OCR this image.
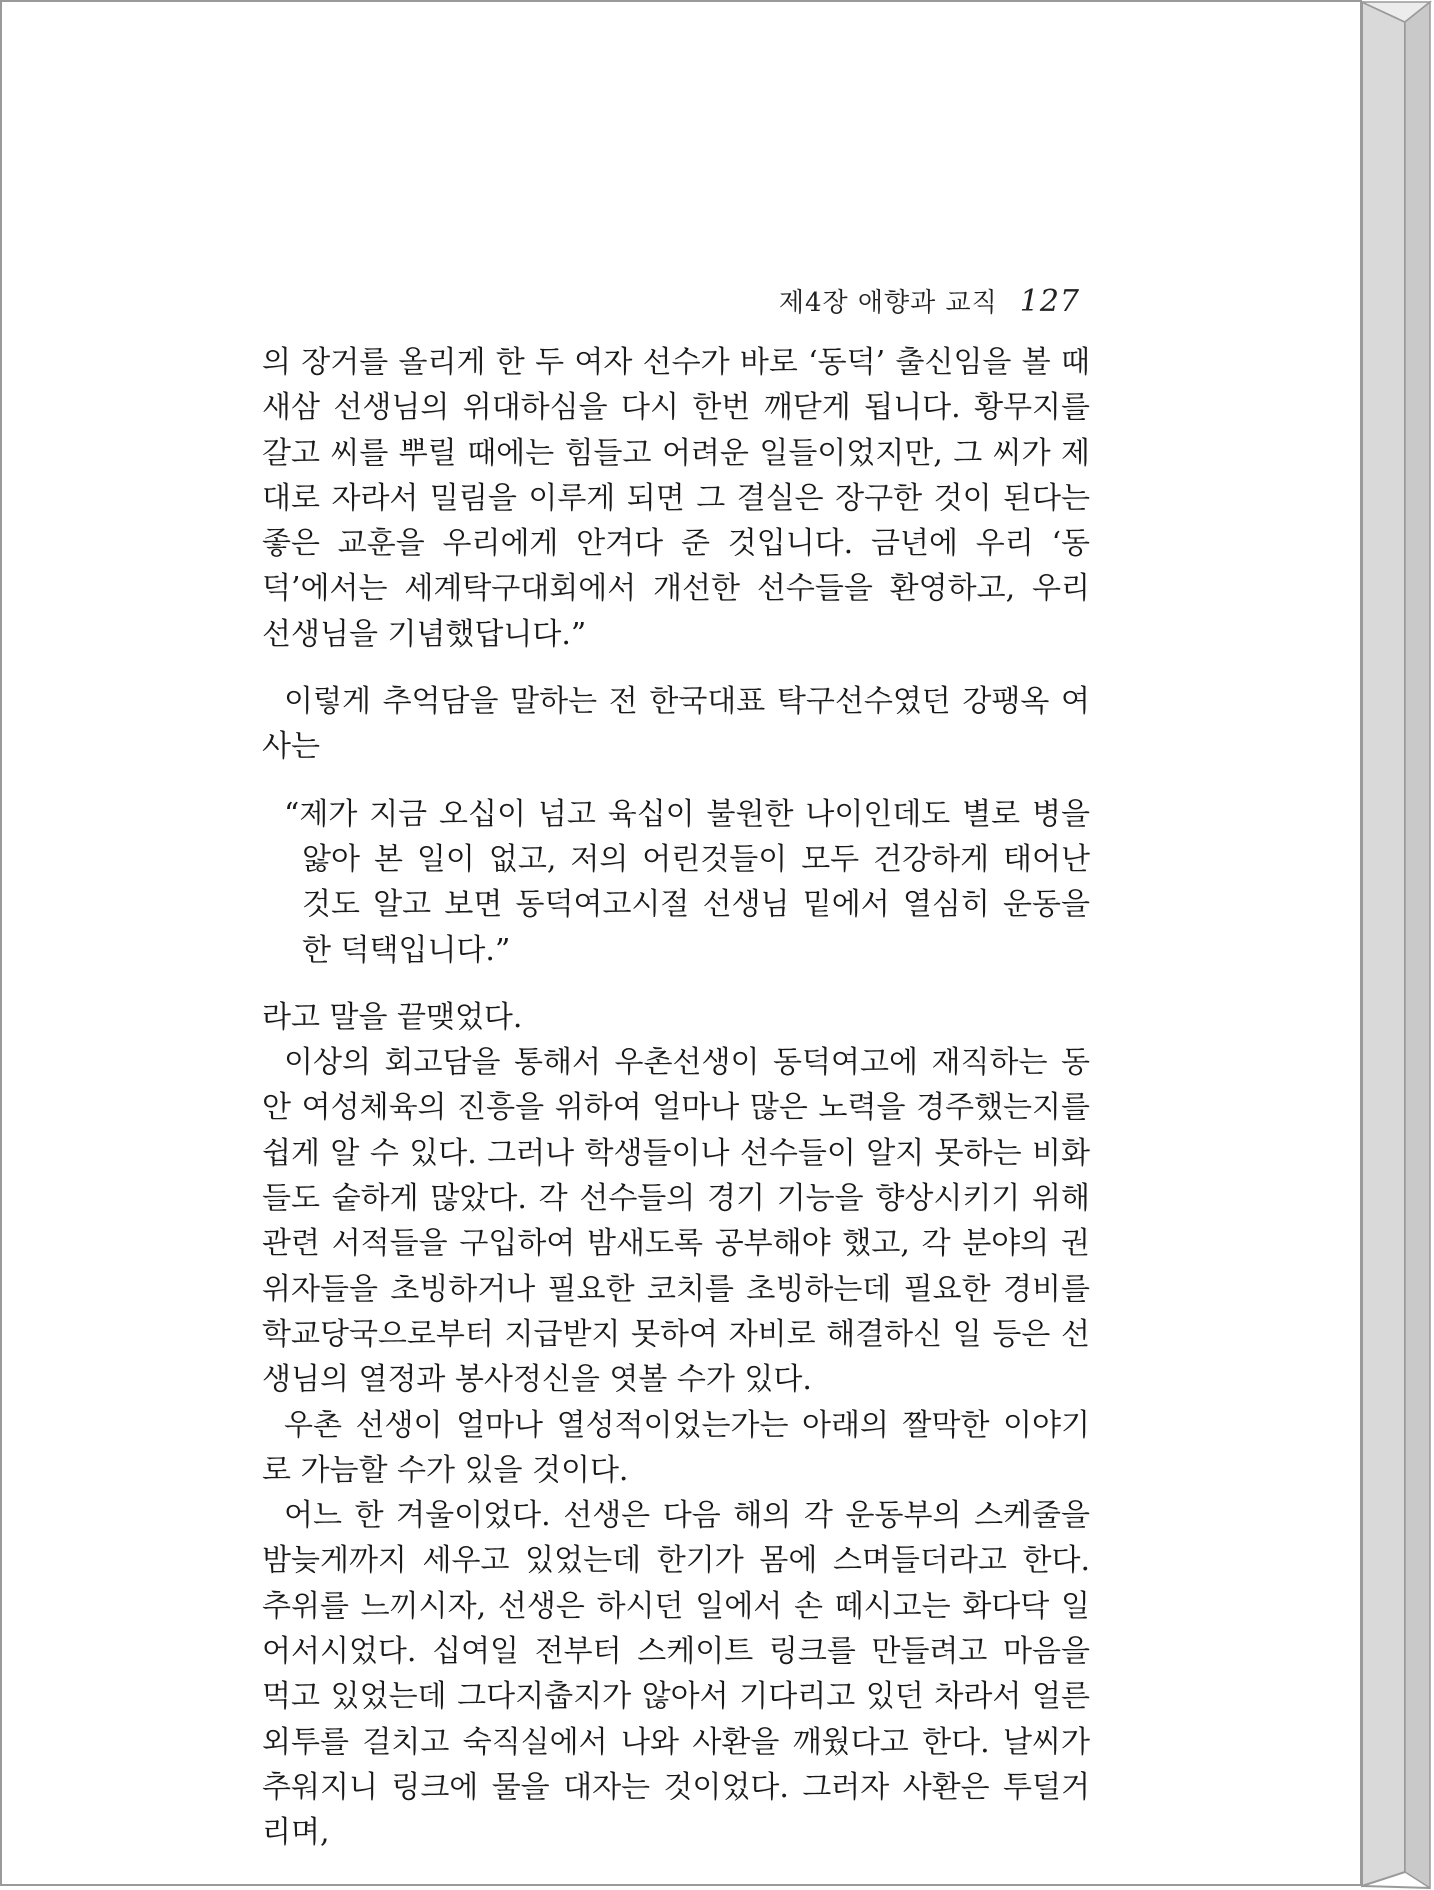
제4장 애향과 교직 127

의 장거를 올리게 한 두 여자 선수가 바로 ‘동덕’ 출신임을 볼 때 새삼 선생님의 위대하심을 다시 한번 깨닫게 됩니다. 황무지를 갈고 씨를 뿌릴 때에는 힘들고 어려운 일들이었지만, 그 씨가 제대로 자라서 밀림을 이루게 되면 그 결실은 장구한 것이 된다는 좋은 교훈을 우리에게 안겨다 준 것입니다. 금년에 우리 ‘동덕’에서는 세계탁구대회에서 개선한 선수들을 환영하고, 우리 선생님을 기념했답니다.”

이렇게 추억담을 말하는 전 한국대표 탁구선수였던 강팽옥 여사는

“제가 지금 오십이 넘고 육십이 불원한 나이인데도 별로 병을 앓아 본 일이 없고, 저의 어린것들이 모두 건강하게 태어난 것도 알고 보면 동덕여고시절 선생님 밑에서 열심히 운동을 한 덕택입니다.”

라고 말을 끝맺었다.

이상의 회고담을 통해서 우촌선생이 동덕여고에 재직하는 동안 여성체육의 진흥을 위하여 얼마나 많은 노력을 경주했는지를 쉽게 알 수 있다. 그러나 학생들이나 선수들이 알지 못하는 비화들도 숱하게 많았다. 각 선수들의 경기 기능을 향상시키기 위해 관련 서적들을 구입하여 밤새도록 공부해야 했고, 각 분야의 권위자들을 초빙하거나 필요한 코치를 초빙하는데 필요한 경비를 학교당국으로부터 지급받지 못하여 자비로 해결하신 일 등은 선생님의 열정과 봉사정신을 엿볼 수가 있다.

우촌 선생이 얼마나 열성적이었는가는 아래의 짤막한 이야기로 가늠할 수가 있을 것이다.

어느 한 겨울이었다. 선생은 다음 해의 각 운동부의 스케줄을 밤늦게까지 세우고 있었는데 한기가 몸에 스며들더라고 한다. 추위를 느끼시자, 선생은 하시던 일에서 손 떼시고는 화다닥 일어서시었다. 십여일 전부터 스케이트 링크를 만들려고 마음을 먹고 있었는데 그다지춥지가 않아서 기다리고 있던 차라서 얼른 외투를 걸치고 숙직실에서 나와 사환을 깨웠다고 한다. 날씨가 추워지니 링크에 물을 대자는 것이었다. 그러자 사환은 투덜거리며,
